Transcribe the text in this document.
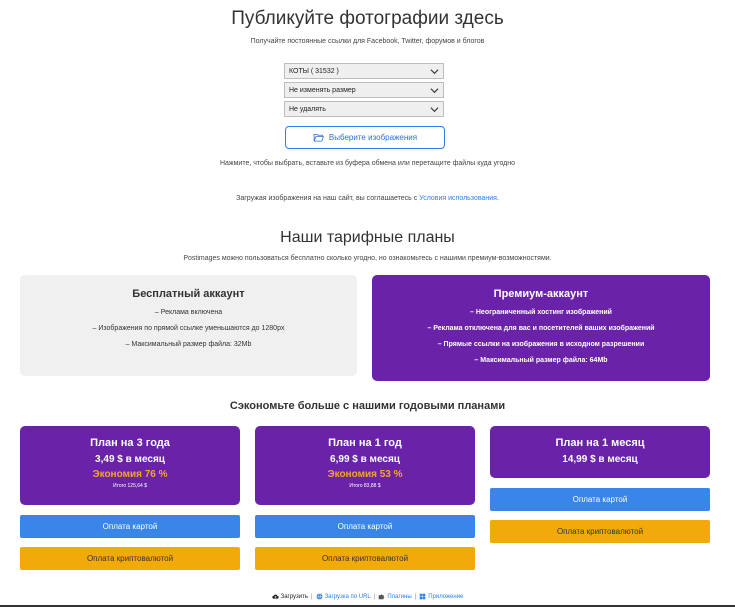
Публикуйте фотографии здесь
Получайте постоянные ссылки для Facebook, Twitter, форумов и блогов
КОТЫ ( 31532 )
Не изменять размер
Не удалять
Выберите изображения
Нажмите, чтобы выбрать, вставьте из буфера обмена или перетащите файлы куда угодно
Загружая изображения на наш сайт, вы соглашаетесь с Условия использования.
Наши тарифные планы
Postimages можно пользоваться бесплатно сколько угодно, но ознакомьтесь с нашими премиум-возможностями.
Бесплатный аккаунт
– Реклама включена
– Изображения по прямой ссылке уменьшаются до 1280px
– Максимальный размер файла: 32Mb
Премиум-аккаунт
– Неограниченный хостинг изображений
– Реклама отключена для вас и посетителей ваших изображений
– Прямые ссылки на изображения в исходном разрешении
– Максимальный размер файла: 64Mb
Сэкономьте больше с нашими годовыми планами
План на 3 года
3,49 $ в месяц
Экономия 76 %
Итого 125,64 $
План на 1 год
6,99 $ в месяц
Экономия 53 %
Итого 83,88 $
План на 1 месяц
14,99 $ в месяц
Оплата картой
Оплата криптовалютой
Оплата картой
Оплата криптовалютой
Оплата картой
Оплата криптовалютой
Загрузить | Загрузка по URL | Плагины | Приложение
